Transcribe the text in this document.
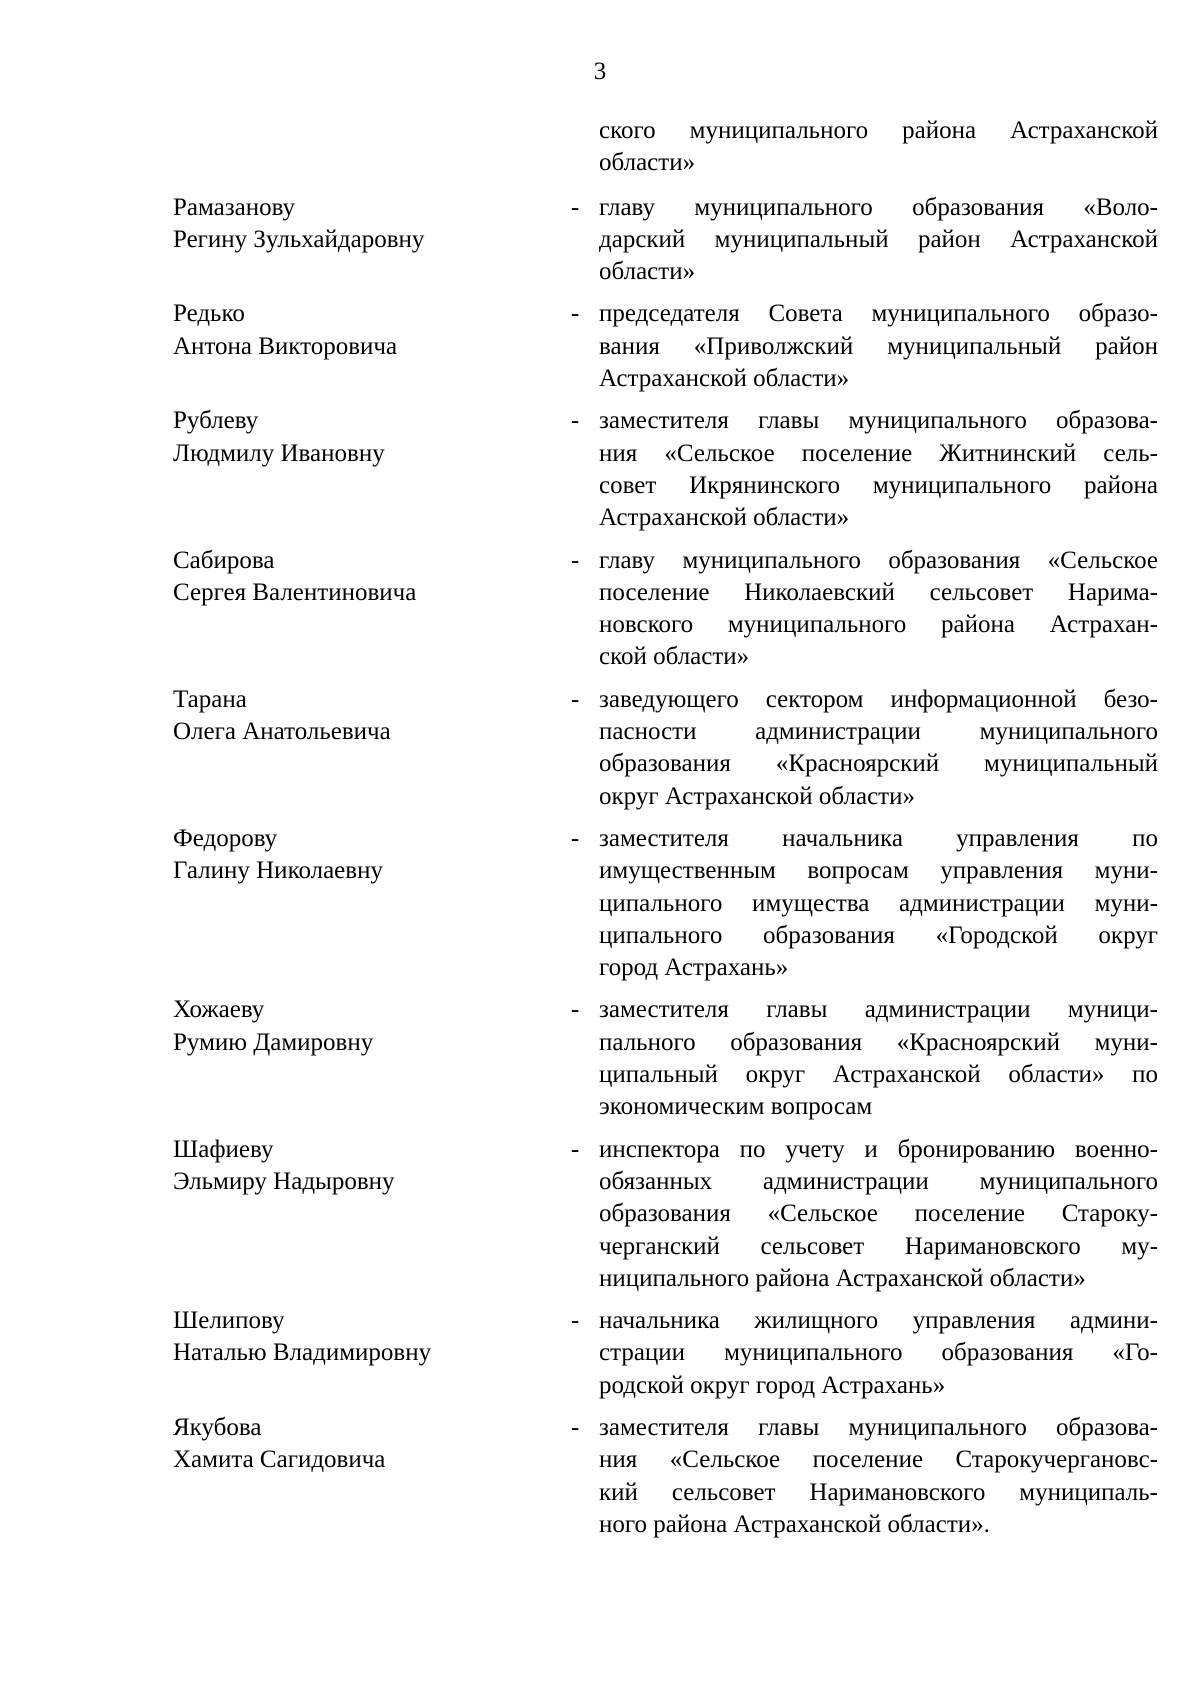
3
ского муниципального района Астраханской
области»
Рамазанову
Регину Зульхайдаровну
- главу муниципального образования «Воло-
дарский муниципальный район Астраханской
области»
Редько
Антона Викторовича
- председателя Совета муниципального образо-
вания «Приволжский муниципальный район
Астраханской области»
Рублеву
Людмилу Ивановну
- заместителя главы муниципального образова-
ния «Сельское поселение Житнинский сель-
совет Икрянинского муниципального района
Астраханской области»
Сабирова
Сергея Валентиновича
- главу муниципального образования «Сельское
поселение Николаевский сельсовет Нарима-
новского муниципального района Астрахан-
ской области»
Тарана
Олега Анатольевича
- заведующего сектором информационной безо-
пасности администрации муниципального
образования «Красноярский муниципальный
округ Астраханской области»
Федорову
Галину Николаевну
- заместителя начальника управления по
имущественным вопросам управления муни-
ципального имущества администрации муни-
ципального образования «Городской округ
город Астрахань»
Хожаеву
Румию Дамировну
- заместителя главы администрации муници-
пального образования «Красноярский муни-
ципальный округ Астраханской области» по
экономическим вопросам
Шафиеву
Эльмиру Надыровну
- инспектора по учету и бронированию военно-
обязанных администрации муниципального
образования «Сельское поселение Староку-
черганский сельсовет Наримановского му-
ниципального района Астраханской области»
Шелипову
Наталью Владимировну
- начальника жилищного управления админи-
страции муниципального образования «Го-
родской округ город Астрахань»
Якубова
Хамита Сагидовича
- заместителя главы муниципального образова-
ния «Сельское поселение Старокучергановс-
кий сельсовет Наримановского муниципаль-
ного района Астраханской области».
